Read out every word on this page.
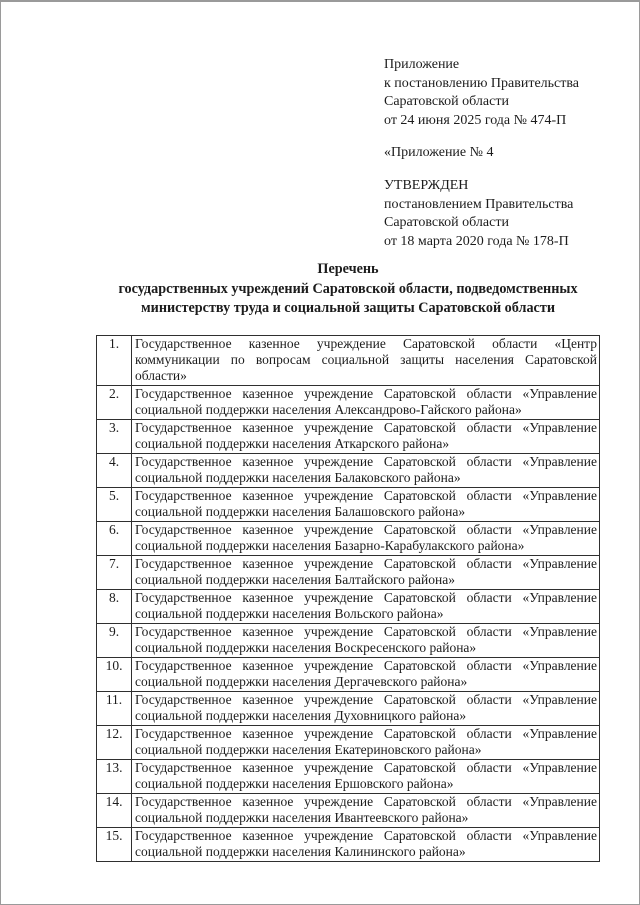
Приложение
к постановлению Правительства
Саратовской области
от 24 июня 2025 года № 474-П
«Приложение № 4
УТВЕРЖДЕН
постановлением Правительства
Саратовской области
от 18 марта 2020 года № 178-П
Перечень
государственных учреждений Саратовской области, подведомственных
министерству труда и социальной защиты Саратовской области
1.	Государственное казенное учреждение Саратовской области «Центр коммуникации по вопросам социальной защиты населения Саратовской области»
2.	Государственное казенное учреждение Саратовской области «Управление социальной поддержки населения Александрово-Гайского района»
3.	Государственное казенное учреждение Саратовской области «Управление социальной поддержки населения Аткарского района»
4.	Государственное казенное учреждение Саратовской области «Управление социальной поддержки населения Балаковского района»
5.	Государственное казенное учреждение Саратовской области «Управление социальной поддержки населения Балашовского района»
6.	Государственное казенное учреждение Саратовской области «Управление социальной поддержки населения Базарно-Карабулакского района»
7.	Государственное казенное учреждение Саратовской области «Управление социальной поддержки населения Балтайского района»
8.	Государственное казенное учреждение Саратовской области «Управление социальной поддержки населения Вольского района»
9.	Государственное казенное учреждение Саратовской области «Управление социальной поддержки населения Воскресенского района»
10.	Государственное казенное учреждение Саратовской области «Управление социальной поддержки населения Дергачевского района»
11.	Государственное казенное учреждение Саратовской области «Управление социальной поддержки населения Духовницкого района»
12.	Государственное казенное учреждение Саратовской области «Управление социальной поддержки населения Екатериновского района»
13.	Государственное казенное учреждение Саратовской области «Управление социальной поддержки населения Ершовского района»
14.	Государственное казенное учреждение Саратовской области «Управление социальной поддержки населения Ивантеевского района»
15.	Государственное казенное учреждение Саратовской области «Управление социальной поддержки населения Калининского района»
